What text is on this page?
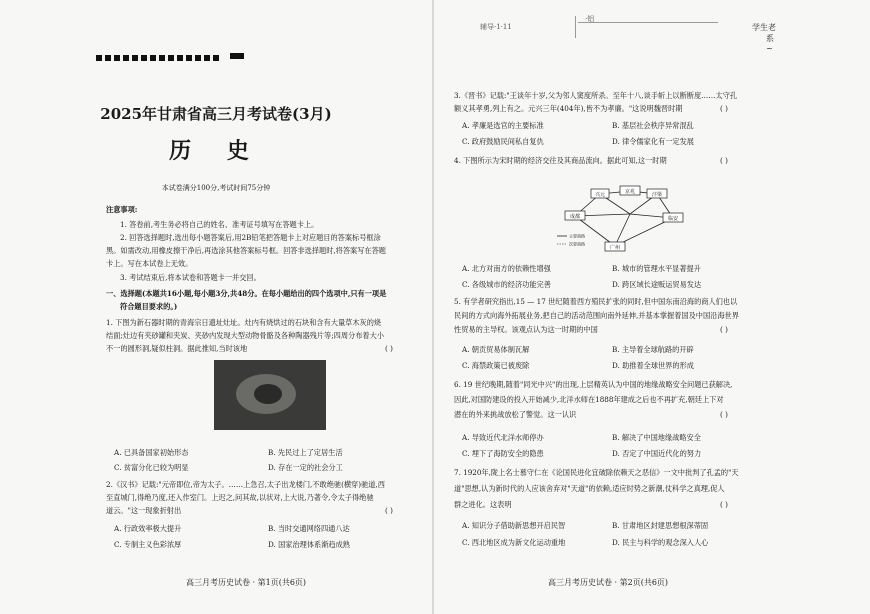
2025年甘肃省高三月考试卷(3月)
历 史
本试卷满分100分,考试时间75分钟
注意事项:
1. 答卷前,考生务必将自己的姓名、准考证号填写在答题卡上。
2. 回答选择题时,选出每小题答案后,用2B铅笔把答题卡上对应题目的答案标号框涂
黑。如需改动,用橡皮擦干净后,再选涂其他答案标号框。回答非选择题时,将答案写在答题
卡上。写在本试卷上无效。
3. 考试结束后,将本试卷和答题卡一并交回。
一、选择题(本题共16小题,每小题3分,共48分。在每小题给出的四个选项中,只有一项是
符合题目要求的。)
1. 下图为新石器时期的青海宗日遗址灶址。灶内有烧烘过的石块和含有大量草木灰的烧
结面;灶边有夹砂罐和夹炭、夹砂内发现大型动物骨骼及各种陶器残片等;四周分布着大小
不一的圆形洞,疑似柱洞。据此推知,当时该地	( )
A. 已具备国家初始形态	B. 先民过上了定居生活
C. 贫富分化已较为明显	D. 存在一定的社会分工
2.《汉书》记载:"元帝即位,帝为太子。……上急召,太子出龙楼门,不敢绝驰(横穿)驰道,西
至直城门,得绝乃度,还入作室门。上迟之,问其故,以状对,上大说,乃著令,令太子得绝驰
道云。"这一现象折射出	( )
A. 行政效率极大提升	B. 当时交通网络四通八达
C. 专制主义色彩浓厚	D. 国家治理体系渐趋成熟
高三月考历史试卷 · 第1页(共6页)
辅导·1·11
·铝
学生老
系
~
3.《晋书》记载:"王谈年十岁,父为邻人窦度所杀。至年十八,谈手斩上以断断度……太守孔
额义其孝勇,列上有之。元兴三年(404年),皆不为孝廉。"这说明魏晋时期	( )
A. 孝廉是选官的主要标准	B. 基层社会秩序异常混乱
C. 政府鼓励民间私自复仇	D. 律令儒家化有一定发展
4. 下图所示为宋时期的经济交往及其商品流向。据此可知,这一时期	( )
成都
兴元	京兆	汴梁
临安
广州
主要商路
次要商路
A. 北方对南方的依赖性增强	B. 城市的管理水平显著提升
C. 各级城市的经济功能完善	D. 跨区域长途贩运贸易发达
5. 有学者研究指出,15 — 17 世纪随着西方殖民扩张的同时,但中国东南沿海的商人们也以
民间的方式向海外拓展业务,把自己的活动范围向南外延伸,并基本掌握着国及中国沿海世界
性贸易的主导权。该观点认为这一时期的中国	( )
A. 朝贡贸易体制瓦解	B. 主导着全球航路的开辟
C. 海禁政策已被废除	D. 助推着全球世界的形成
6. 19 世纪晚期,随着"同光中兴"的出现,上层精英认为中国的地缘战略安全问题已获解决,
因此,对国防建设的投入开始减少,北洋水师在1888年建成之后也不再扩充,朝廷上下对
潜在的外来挑战放松了警觉。这一认识	( )
A. 导致近代北洋水师停办	B. 解决了中国地缘战略安全
C. 埋下了海防安全的隐患	D. 否定了中国近代化的努力
7. 1920年,陇上名士慕守仁在《论国民进化宜破除依赖天之恶信》一文中批判了孔孟的"天
道"思想,认为新时代的人应该舍弃对"天道"的依赖,适应时势之新潮,仗科学之真理,促人
群之进化。这表明	( )
A. 知识分子借助新思想开启民智	B. 甘肃地区封建思想根深蒂固
C. 西北地区成为新文化运动重地	D. 民主与科学的观念深入人心
高三月考历史试卷 · 第2页(共6页)
